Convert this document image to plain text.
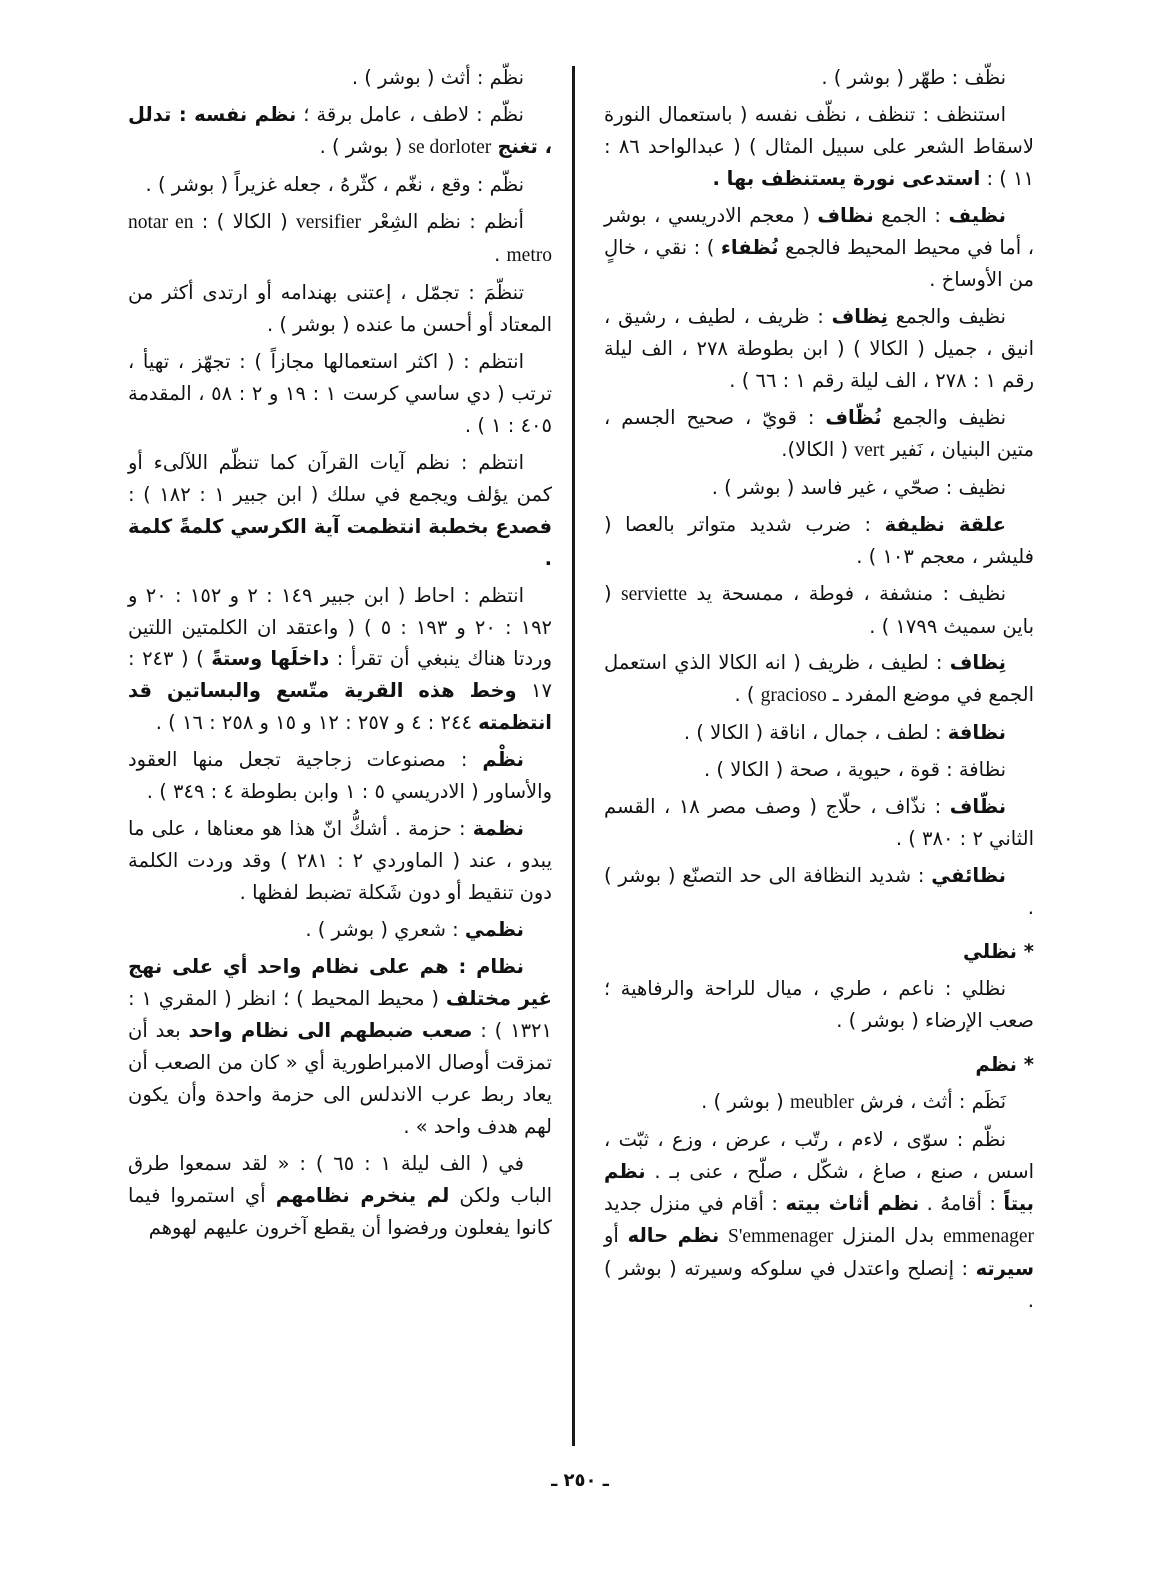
نظّف : طهّر ( بوشر ) .

استنظف : تنظف ، نظّف نفسه ( باستعمال النورة لاسقاط الشعر على سبيل المثال ) ( عبدالواحد ٨٦ : ١١ ) : استدعى نورة يستنظف بها .

نظيف : الجمع نظاف ( معجم الادريسي ، بوشر ، أما في محيط المحيط فالجمع نُظفاء ) : نقي ، خالٍ من الأوساخ .

نظيف والجمع نِظاف : ظريف ، لطيف ، رشيق ، انيق ، جميل ( الكالا ) ( ابن بطوطة ٢٧٨ ، الف ليلة رقم ١ : ٢٧٨ ، الف ليلة رقم ١ : ٦٦ ) .

نظيف والجمع نُظّاف : قويّ ، صحيح الجسم ، متين البنيان ، نَفير vert ( الكالا).

نظيف : صحّي ، غير فاسد ( بوشر ) .

علقة نظيفة : ضرب شديد متواتر بالعصا ( فليشر ، معجم ١٠٣ ) .

نظيف : منشفة ، فوطة ، ممسحة يد serviette ( باين سميث ١٧٩٩ ) .

نِظاف : لطيف ، ظريف ( انه الكالا الذي استعمل الجمع في موضع المفرد ـ gracioso ) .

نظافة : لطف ، جمال ، اناقة ( الكالا ) .

نظافة : قوة ، حيوية ، صحة ( الكالا ) .

نظّاف : نذّاف ، حلّاج ( وصف مصر ١٨ ، القسم الثاني ٢ : ٣٨٠ ) .

نظائفي : شديد النظافة الى حد التصنّع ( بوشر ) .

* نظلي

نظلي : ناعم ، طري ، ميال للراحة والرفاهية ؛ صعب الإرضاء ( بوشر ) .

* نظم

نَظَم : أثث ، فرش meubler ( بوشر ) .

نظّم : سوّى ، لاءم ، رتّب ، عرض ، وزع ، ثبّت ، اسس ، صنع ، صاغ ، شكّل ، صلّح ، عنى بـ . نظم بيتاً : أقامهُ . نظم أثاث بيته : أقام في منزل جديد emmenager بدل المنزل S'emmenager نظم حاله أو سيرته : إنصلح واعتدل في سلوكه وسيرته ( بوشر ) .

نظّم : أثث ( بوشر ) .

نظّم : لاطف ، عامل برقة ؛ نظم نفسه : تدلل ، تغنج se dorloter ( بوشر ) .

نظّم : وقع ، نغّم ، كثّرهُ ، جعله غزيراً ( بوشر ) .

أنظم : نظم الشِعْر versifier ( الكالا ) : notar en metro .

تنظّمَ : تجمّل ، إعتنى بهندامه أو ارتدى أكثر من المعتاد أو أحسن ما عنده ( بوشر ) .

انتظم : ( اكثر استعمالها مجازاً ) : تجهّز ، تهيأ ، ترتب ( دي ساسي كرست ١ : ١٩ و ٢ : ٥٨ ، المقدمة ٤٠٥ : ١ ) .

انتظم : نظم آيات القرآن كما تنظّم اللآلىء أو كمن يؤلف ويجمع في سلك ( ابن جبير ١ : ١٨٢ ) : فصدع بخطبة انتظمت آية الكرسي كلمةً كلمة .

انتظم : احاط ( ابن جبير ١٤٩ : ٢ و ١٥٢ : ٢٠ و ١٩٢ : ٢٠ و ١٩٣ : ٥ ) ( واعتقد ان الكلمتين اللتين وردتا هناك ينبغي أن تقرأ : داخلَها وستةً ) ( ٢٤٣ : ١٧ وخط هذه القرية متّسع والبساتين قد انتظمته ٢٤٤ : ٤ و ٢٥٧ : ١٢ و ١٥ و ٢٥٨ : ١٦ ) .

نظْم : مصنوعات زجاجية تجعل منها العقود والأساور ( الادريسي ٥ : ١ وابن بطوطة ٤ : ٣٤٩ ) .

نظمة : حزمة . أشكُّ انّ هذا هو معناها ، على ما يبدو ، عند ( الماوردي ٢ : ٢٨١ ) وقد وردت الكلمة دون تنقيط أو دون شَكلة تضبط لفظها .

نظمي : شعري ( بوشر ) .

نظام : هم على نظام واحد أي على نهج غير مختلف ( محيط المحيط ) ؛ انظر ( المقري ١ : ١٣٢١ ) : صعب ضبطهم الى نظام واحد بعد أن تمزقت أوصال الامبراطورية أي « كان من الصعب أن يعاد ربط عرب الاندلس الى حزمة واحدة وأن يكون لهم هدف واحد » .

في ( الف ليلة ١ : ٦٥ ) : « لقد سمعوا طرق الباب ولكن لم ينخرم نظامهم أي استمروا فيما كانوا يفعلون ورفضوا أن يقطع آخرون عليهم لهوهم

ـ ٢٥٠ ـ
